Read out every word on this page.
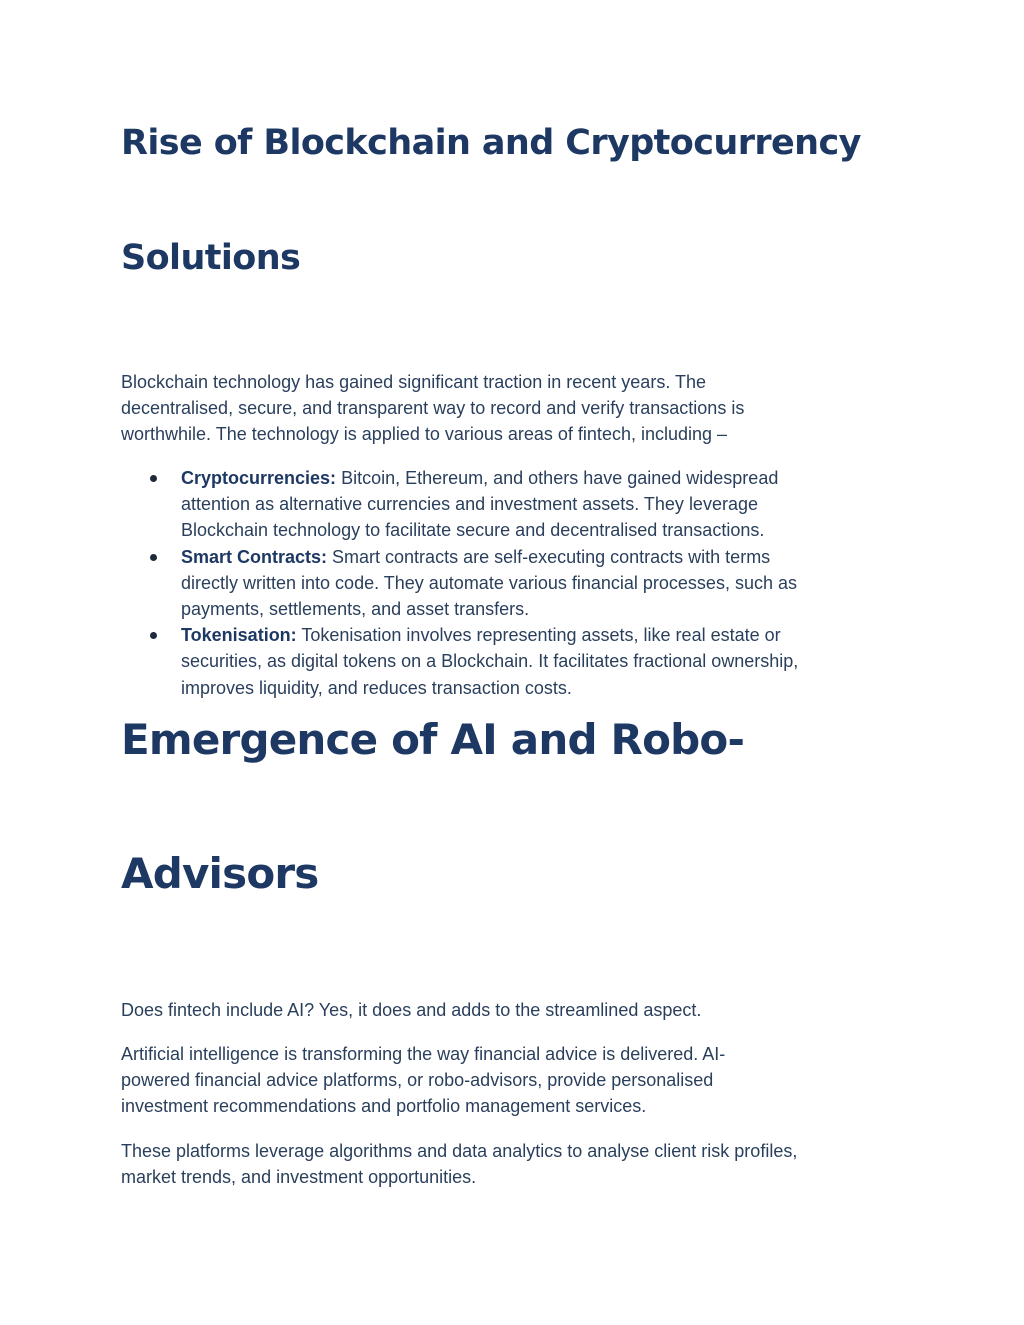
Rise of Blockchain and Cryptocurrency
Solutions

Blockchain technology has gained significant traction in recent years. The
decentralised, secure, and transparent way to record and verify transactions is
worthwhile. The technology is applied to various areas of fintech, including –

Cryptocurrencies: Bitcoin, Ethereum, and others have gained widespread
attention as alternative currencies and investment assets. They leverage
Blockchain technology to facilitate secure and decentralised transactions.
Smart Contracts: Smart contracts are self-executing contracts with terms
directly written into code. They automate various financial processes, such as
payments, settlements, and asset transfers.
Tokenisation: Tokenisation involves representing assets, like real estate or
securities, as digital tokens on a Blockchain. It facilitates fractional ownership,
improves liquidity, and reduces transaction costs.
Emergence of AI and Robo-
Advisors

Does fintech include AI? Yes, it does and adds to the streamlined aspect.

Artificial intelligence is transforming the way financial advice is delivered. AI-
powered financial advice platforms, or robo-advisors, provide personalised
investment recommendations and portfolio management services.

These platforms leverage algorithms and data analytics to analyse client risk profiles,
market trends, and investment opportunities.
